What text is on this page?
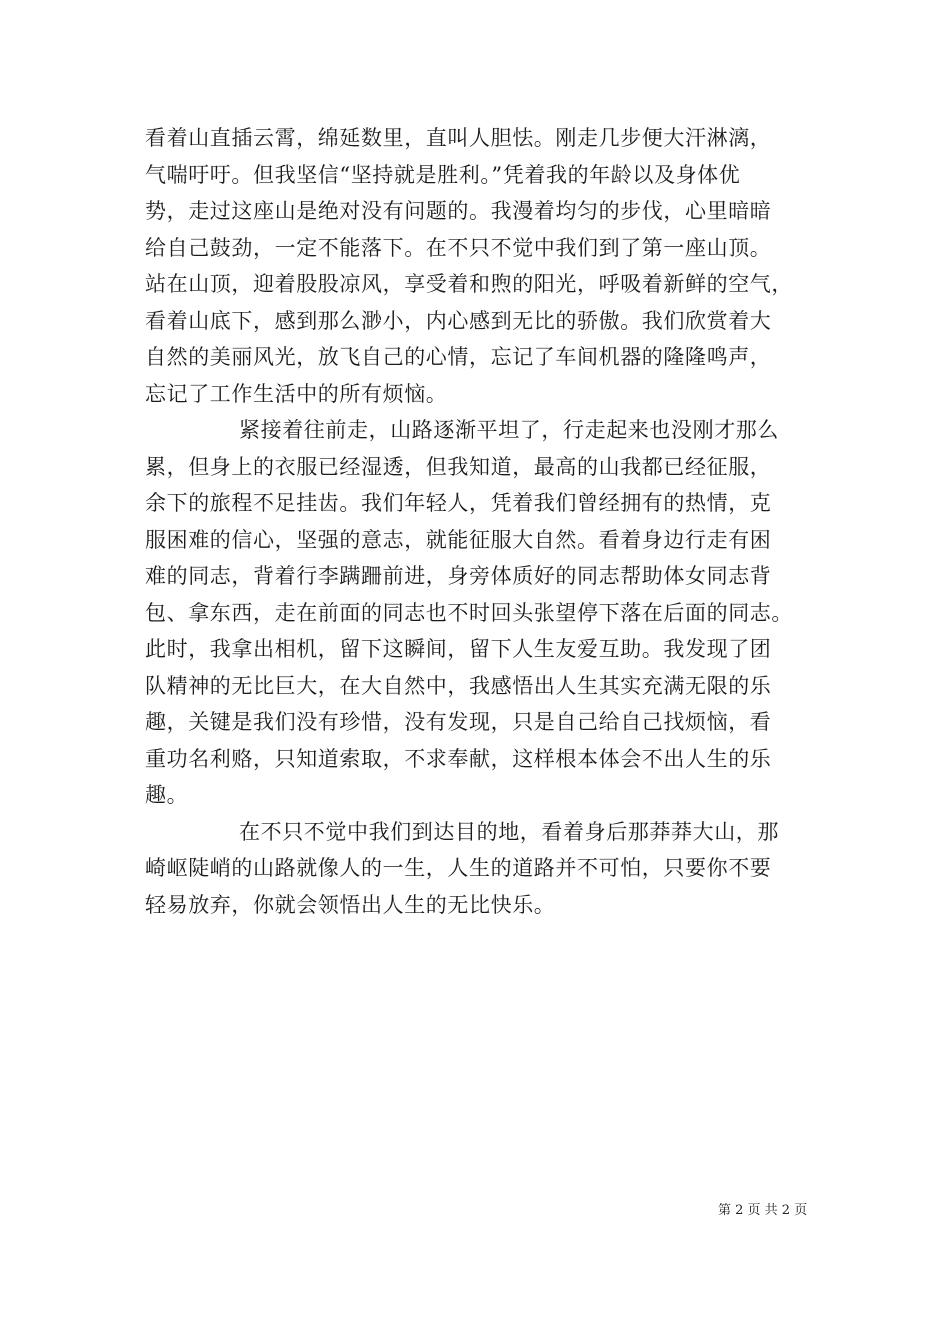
看着山直插云霄，绵延数里，直叫人胆怯。刚走几步便大汗淋漓，
气喘吁吁。但我坚信“坚持就是胜利。”凭着我的年龄以及身体优
势，走过这座山是绝对没有问题的。我漫着均匀的步伐，心里暗暗
给自己鼓劲，一定不能落下。在不只不觉中我们到了第一座山顶。
站在山顶，迎着股股凉风，享受着和煦的阳光，呼吸着新鲜的空气，
看着山底下，感到那么渺小，内心感到无比的骄傲。我们欣赏着大
自然的美丽风光，放飞自己的心情，忘记了车间机器的隆隆鸣声，
忘记了工作生活中的所有烦恼。
紧接着往前走，山路逐渐平坦了，行走起来也没刚才那么
累，但身上的衣服已经湿透，但我知道，最高的山我都已经征服，
余下的旅程不足挂齿。我们年轻人，凭着我们曾经拥有的热情，克
服困难的信心，坚强的意志，就能征服大自然。看着身边行走有困
难的同志，背着行李蹒跚前进，身旁体质好的同志帮助体女同志背
包、拿东西，走在前面的同志也不时回头张望停下落在后面的同志。
此时，我拿出相机，留下这瞬间，留下人生友爱互助。我发现了团
队精神的无比巨大，在大自然中，我感悟出人生其实充满无限的乐
趣，关键是我们没有珍惜，没有发现，只是自己给自己找烦恼，看
重功名利赂，只知道索取，不求奉献，这样根本体会不出人生的乐
趣。
在不只不觉中我们到达目的地，看着身后那莽莽大山，那
崎岖陡峭的山路就像人的一生，人生的道路并不可怕，只要你不要
轻易放弃，你就会领悟出人生的无比快乐。
第 2 页 共 2 页
